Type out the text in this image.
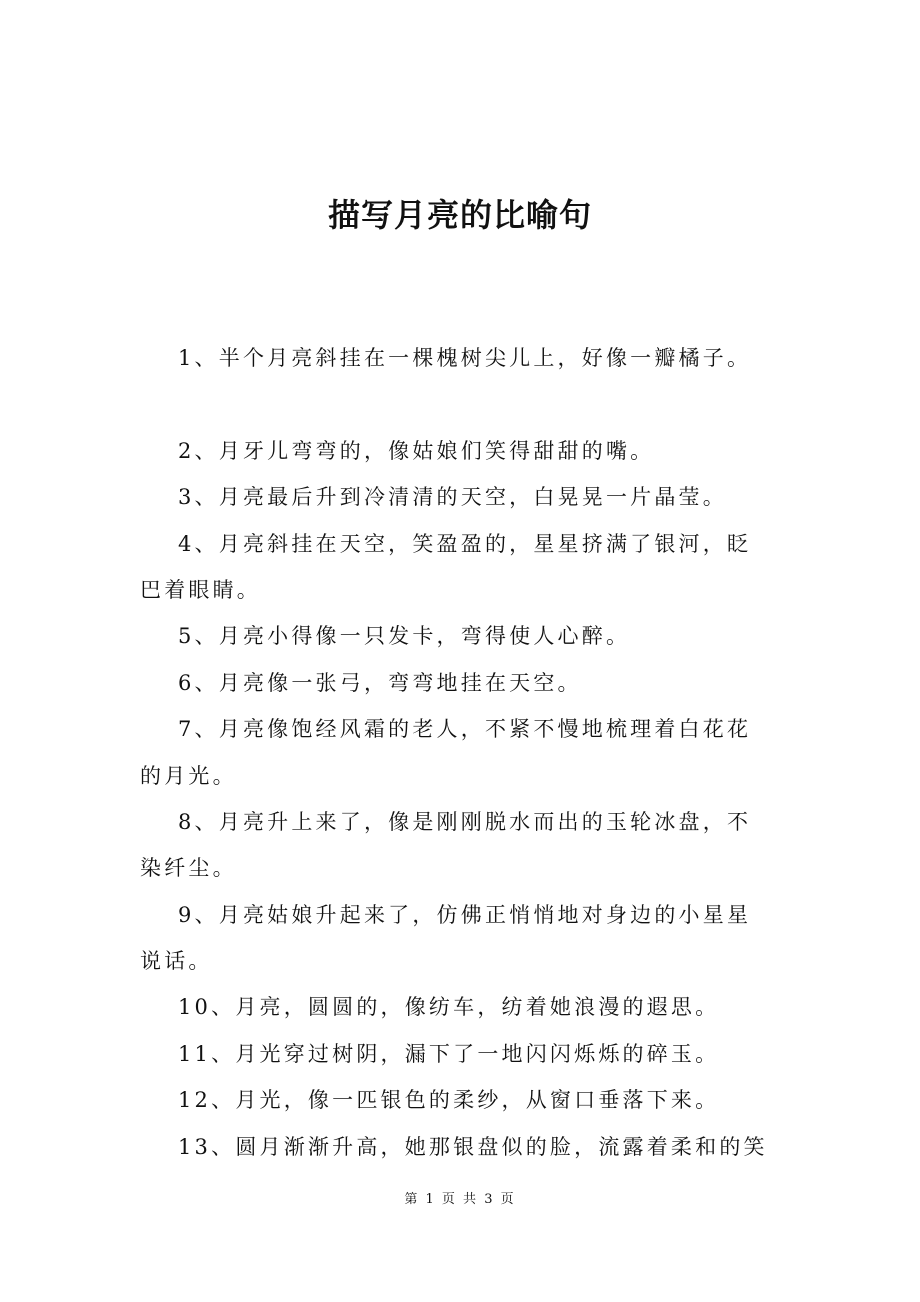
描写月亮的比喻句
1、半个月亮斜挂在一棵槐树尖儿上，好像一瓣橘子。
2、月牙儿弯弯的，像姑娘们笑得甜甜的嘴。
3、月亮最后升到冷清清的天空，白晃晃一片晶莹。
4、月亮斜挂在天空，笑盈盈的，星星挤满了银河，眨
巴着眼睛。
5、月亮小得像一只发卡，弯得使人心醉。
6、月亮像一张弓，弯弯地挂在天空。
7、月亮像饱经风霜的老人，不紧不慢地梳理着白花花
的月光。
8、月亮升上来了，像是刚刚脱水而出的玉轮冰盘，不
染纤尘。
9、月亮姑娘升起来了，仿佛正悄悄地对身边的小星星
说话。
10、月亮，圆圆的，像纺车，纺着她浪漫的遐思。
11、月光穿过树阴，漏下了一地闪闪烁烁的碎玉。
12、月光，像一匹银色的柔纱，从窗口垂落下来。
13、圆月渐渐升高，她那银盘似的脸，流露着柔和的笑
第 1 页 共 3 页
